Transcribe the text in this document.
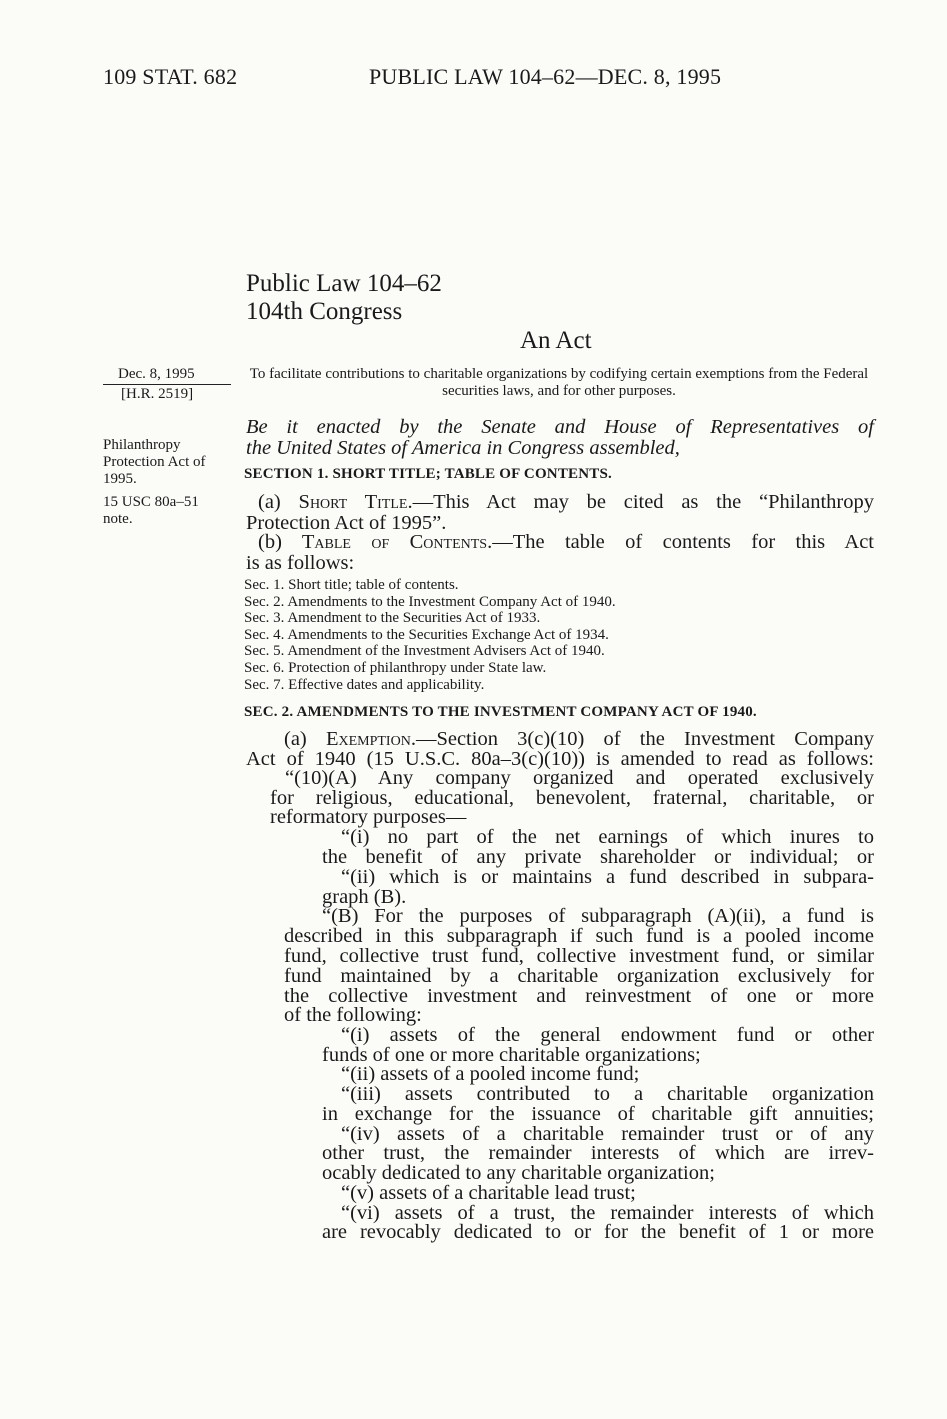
109 STAT. 682	PUBLIC LAW 104–62—DEC. 8, 1995
Public Law 104–62
104th Congress
An Act
Dec. 8, 1995
[H.R. 2519]
Philanthropy
Protection Act of
1995.
15 USC 80a–51
note.
To facilitate contributions to charitable organizations by codifying certain exemptions from the Federal securities laws, and for other purposes.
Be it enacted by the Senate and House of Representatives of
the United States of America in Congress assembled,
SECTION 1. SHORT TITLE; TABLE OF CONTENTS.
(a) Short Title.—This Act may be cited as the “Philanthropy
Protection Act of 1995”.
(b) Table of Contents.—The table of contents for this Act
is as follows:
Sec. 1. Short title; table of contents.
Sec. 2. Amendments to the Investment Company Act of 1940.
Sec. 3. Amendment to the Securities Act of 1933.
Sec. 4. Amendments to the Securities Exchange Act of 1934.
Sec. 5. Amendment of the Investment Advisers Act of 1940.
Sec. 6. Protection of philanthropy under State law.
Sec. 7. Effective dates and applicability.
SEC. 2. AMENDMENTS TO THE INVESTMENT COMPANY ACT OF 1940.
(a) Exemption.—Section 3(c)(10) of the Investment Company
Act of 1940 (15 U.S.C. 80a–3(c)(10)) is amended to read as follows:
“(10)(A) Any company organized and operated exclusively
for religious, educational, benevolent, fraternal, charitable, or
reformatory purposes—
“(i) no part of the net earnings of which inures to
the benefit of any private shareholder or individual; or
“(ii) which is or maintains a fund described in subpara-
graph (B).
“(B) For the purposes of subparagraph (A)(ii), a fund is
described in this subparagraph if such fund is a pooled income
fund, collective trust fund, collective investment fund, or similar
fund maintained by a charitable organization exclusively for
the collective investment and reinvestment of one or more
of the following:
“(i) assets of the general endowment fund or other
funds of one or more charitable organizations;
“(ii) assets of a pooled income fund;
“(iii) assets contributed to a charitable organization
in exchange for the issuance of charitable gift annuities;
“(iv) assets of a charitable remainder trust or of any
other trust, the remainder interests of which are irrev-
ocably dedicated to any charitable organization;
“(v) assets of a charitable lead trust;
“(vi) assets of a trust, the remainder interests of which
are revocably dedicated to or for the benefit of 1 or more
